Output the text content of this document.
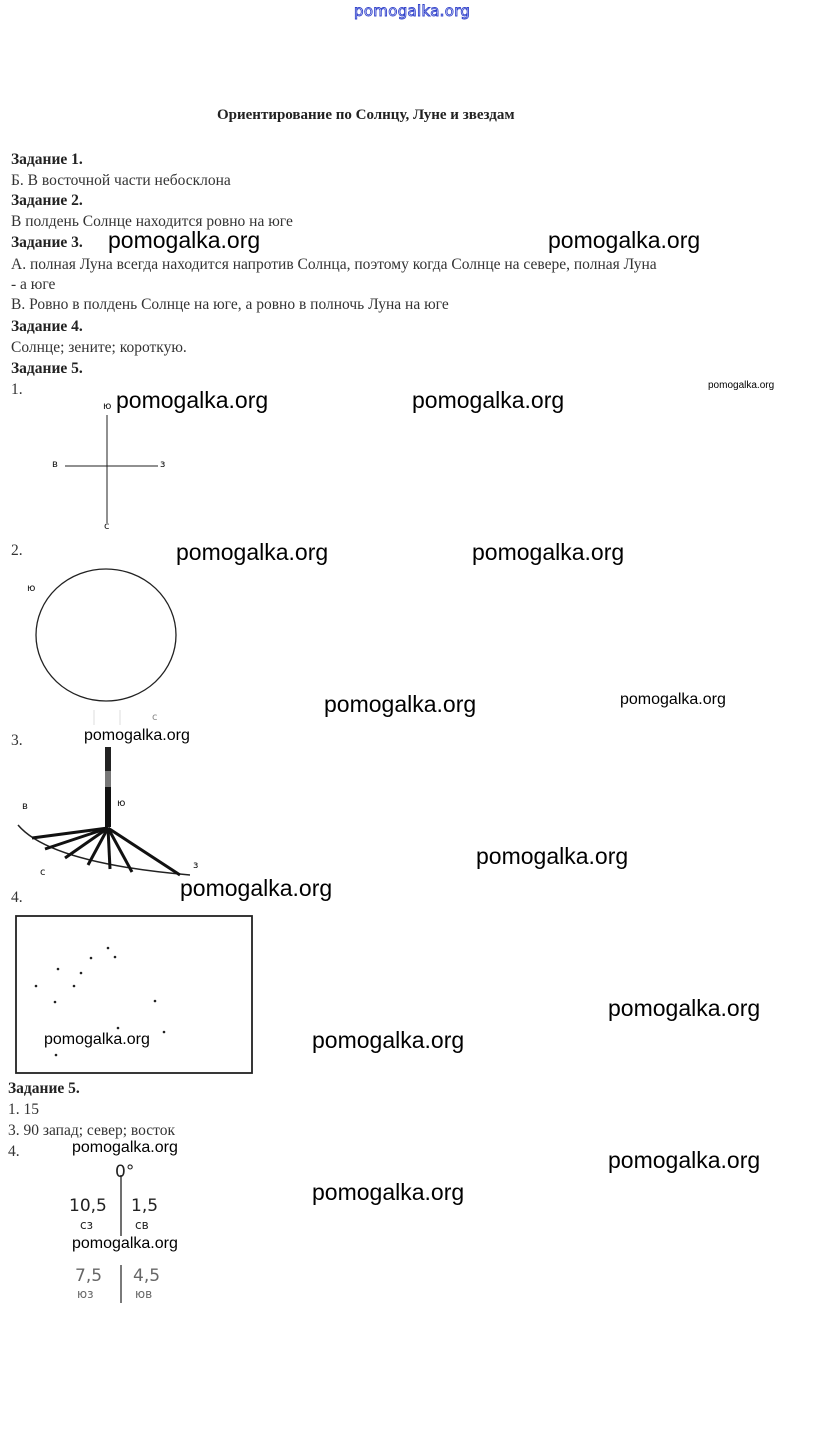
pomogalka.org
Ориентирование по Солнцу, Луне и звездам
Задание 1.
Б. В восточной части небосклона
Задание 2.
В полдень Солнце находится ровно на юге
Задание 3.
А. полная Луна всегда находится напротив Солнца, поэтому когда Солнце на севере, полная Луна
- а юге
В. Ровно в полдень Солнце на юге, а ровно в полночь Луна на юге
Задание 4.
Солнце; зените; короткую.
Задание 5.
1.
2.
3.
4.
ю
в	з
с
ю
с
в	ю
с
з
Задание 5.
1. 15
3. 90 запад; север; восток
4.
0°
10,5
сз
1,5
св
7,5
юз
4,5
юв
pomogalka.org	pomogalka.org
pomogalka.org	pomogalka.org
pomogalka.org
pomogalka.org	pomogalka.org
pomogalka.org	pomogalka.org
pomogalka.org
pomogalka.org
pomogalka.org
pomogalka.org
pomogalka.org	pomogalka.org
pomogalka.org	pomogalka.org
pomogalka.org
pomogalka.org
